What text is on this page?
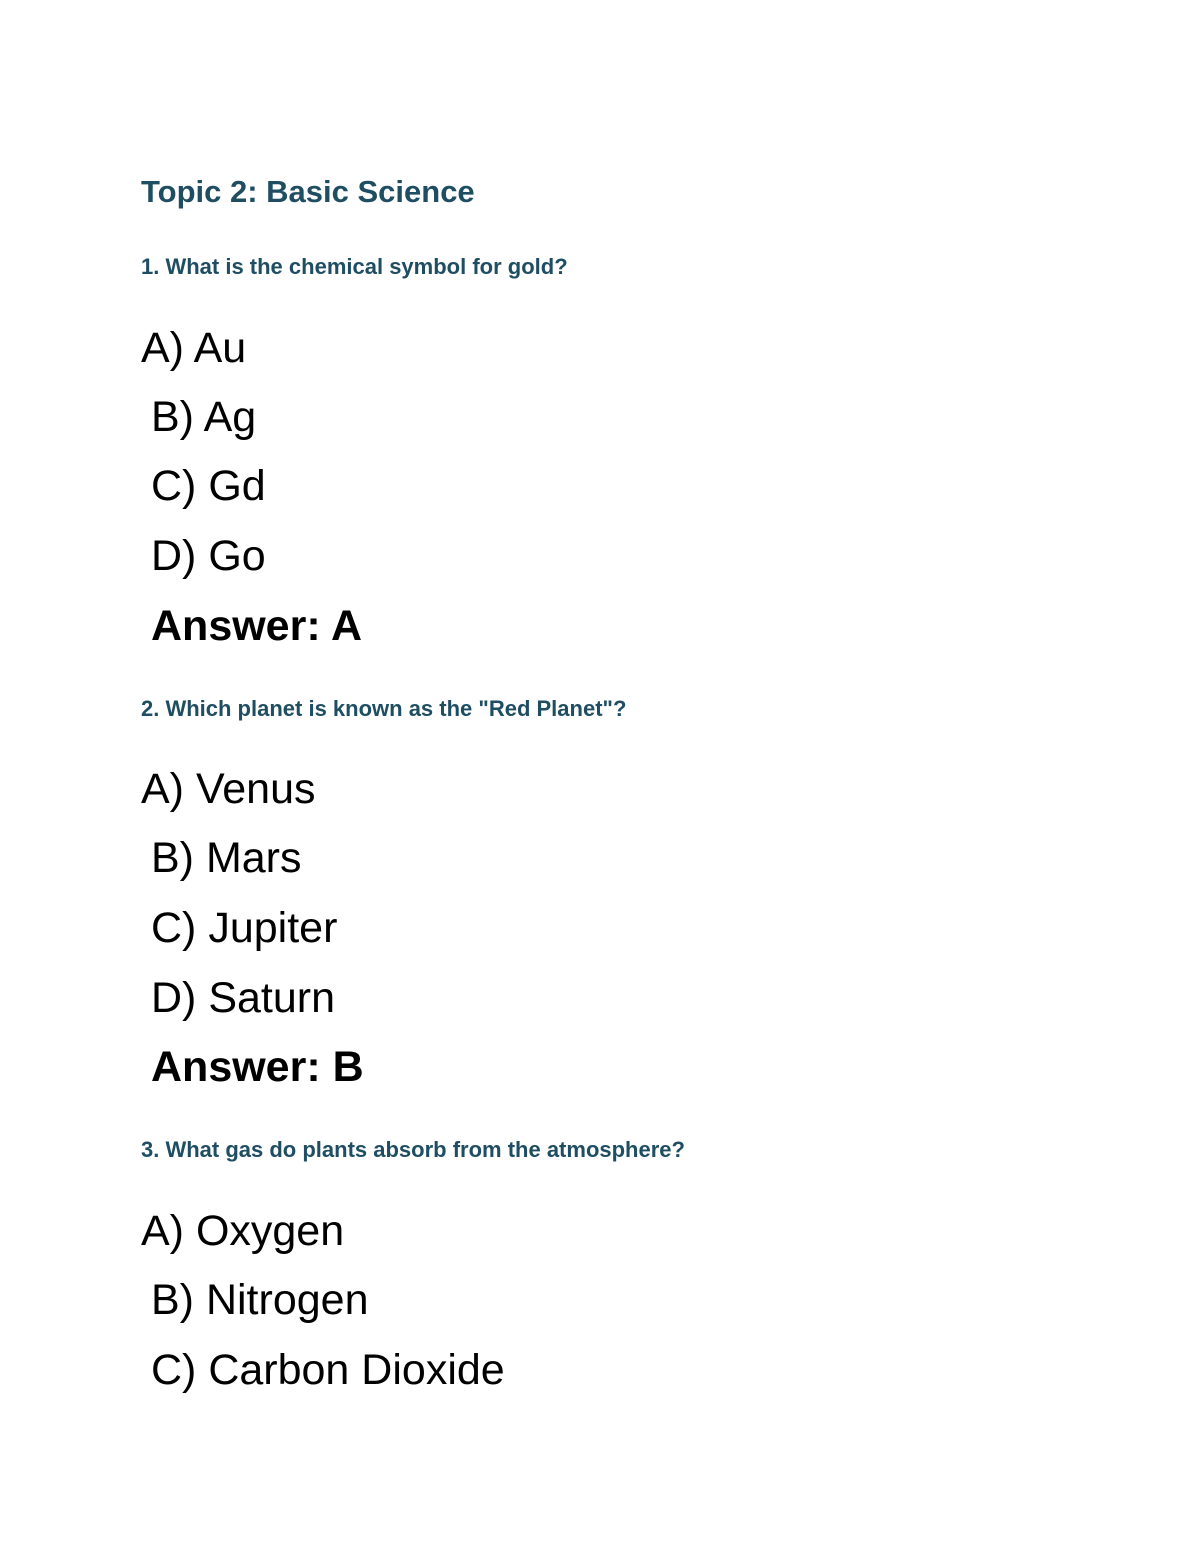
Topic 2: Basic Science
1. What is the chemical symbol for gold?
A) Au
B) Ag
C) Gd
D) Go
Answer: A
2. Which planet is known as the "Red Planet"?
A) Venus
B) Mars
C) Jupiter
D) Saturn
Answer: B
3. What gas do plants absorb from the atmosphere?
A) Oxygen
B) Nitrogen
C) Carbon Dioxide
